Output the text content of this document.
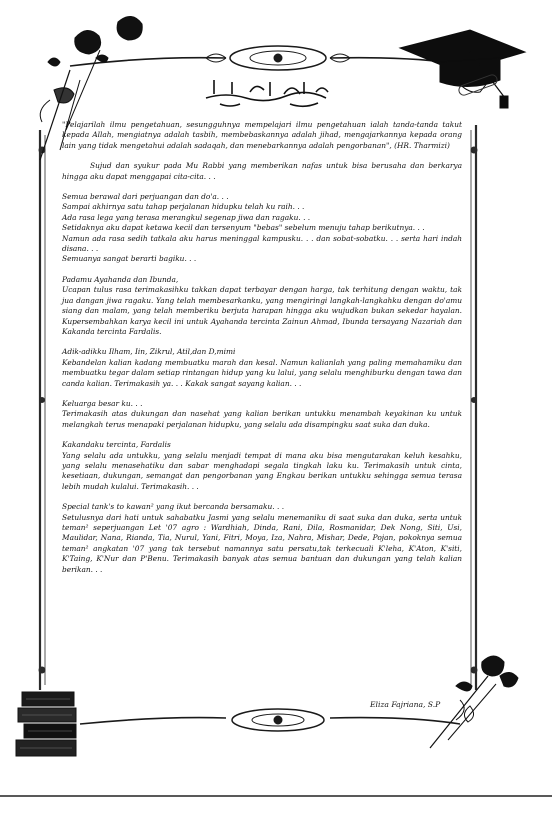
"Pelajarilah ilmu pengetahuan, sesungguhnya mempelajari ilmu pengetahuan ialah tanda-tanda takut kepada Allah, mengiatnya adalah tasbih, membebaskannya adalah jihad, mengajarkannya kepada orang lain yang tidak mengetahui adalah sadaqah, dan menebarkannya adalah pengorbanan", (HR. Tharmizi)

Sujud dan syukur pada Mu Rabbi yang memberikan nafas untuk bisa berusaha dan berkarya hingga aku dapat menggapai cita-cita. . .

Semua berawal dari perjuangan dan do'a. . .

Sampai akhirnya satu tahap perjalanan hidupku telah ku raih. . .

Ada rasa lega yang terasa merangkul segenap jiwa dan ragaku. . .

Setidaknya aku dapat ketawa kecil dan tersenyum "bebas" sebelum menuju tahap berikutnya. . .

Namun ada rasa sedih tatkala aku harus meninggal kampusku. . . dan sobat-sobatku. . . serta hari indah disana. . .

Semuanya sangat berarti bagiku. . .

Padamu Ayahanda dan Ibunda,

Ucapan tulus rasa terimakasihku takkan dapat terbayar dengan harga, tak terhitung dengan waktu, tak jua dangan jiwa ragaku. Yang telah membesarkanku, yang mengiringi langkah-langkahku dengan do'amu siang dan malam, yang telah memberiku berjuta harapan hingga aku wujudkan bukan sekedar hayalan. Kupersembahkan karya kecil ini untuk Ayahanda tercinta Zainun Ahmad, Ibunda tersayang Nazariah dan Kakanda tercinta Fardalis.

Adik-adikku Ilham, Iin, Zikrul, Atil,dan D,mimi

Kebandelan kalian kadang membuatku marah dan kesal. Namun kalianlah yang paling memahamiku dan membuatku tegar dalam setiap rintangan hidup yang ku lalui, yang selalu menghiburku dengan tawa dan canda kalian. Terimakasih ya. . . Kakak sangat sayang kalian. . .

Keluarga besar ku. . .

Terimakasih atas dukungan dan nasehat yang kalian berikan untukku menambah keyakinan ku untuk melangkah terus menapaki perjalanan hidupku, yang selalu ada disampingku saat suka dan duka.

Kakandaku tercinta, Fardalis

Yang selalu ada untukku, yang selalu menjadi tempat di mana aku bisa mengutarakan keluh kesahku, yang selalu menasehatiku dan sabar menghadapi segala tingkah laku ku. Terimakasih untuk cinta, kesetiaan, dukungan, semangat dan pengorbanan yang Engkau berikan untukku sehingga semua terasa lebih mudah kulalui. Terimakasih. . .

Special tank's to kawan² yang ikut bercanda bersamaku. . .

Setulusnya dari hati untuk sahabatku Jasmi yang selalu menemaniku di saat suka dan duka, serta untuk teman² seperjuangan Let '07 agro : Wardhiah, Dinda, Rani, Dila, Rosmanidar, Dek Nong, Siti, Usi, Maulidar, Nana, Rianda, Tia, Nurul, Yani, Fitri, Moya, Iza, Nahra, Mishar, Dede, Pojan, pokoknya semua teman² angkatan '07 yang tak tersebut namannya satu persatu,tak terkecuali K'leha, K'Aton, K'siti, K'Taing, K'Nur dan P'Benu. Terimakasih banyak atas semua bantuan dan dukungan yang telah kalian berikan. . .

Eliza Fajriana, S.P
